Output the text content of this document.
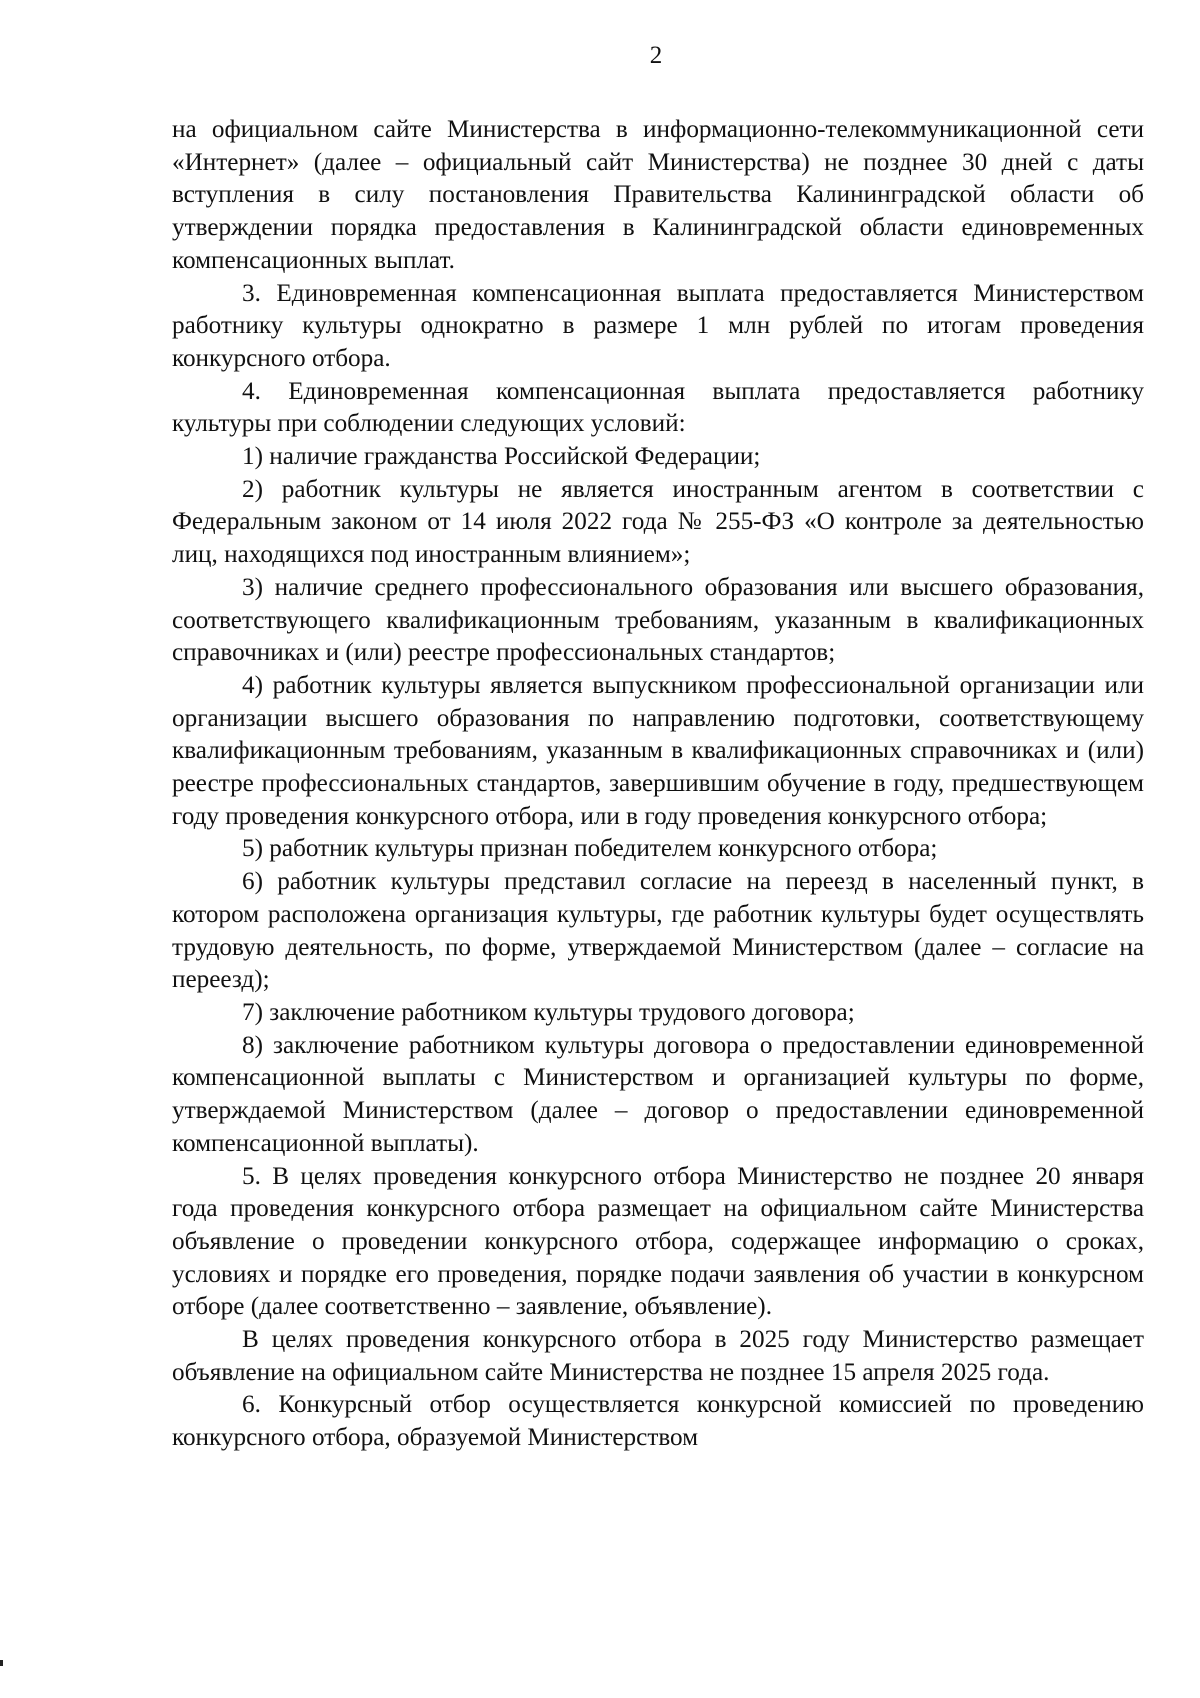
2

на официальном сайте Министерства в информационно-телекоммуникационной сети «Интернет» (далее – официальный сайт Министерства) не позднее 30 дней с даты вступления в силу постановления Правительства Калининградской области об утверждении порядка предоставления в Калининградской области единовременных компенсационных выплат.

3. Единовременная компенсационная выплата предоставляется Министерством работнику культуры однократно в размере 1 млн рублей по итогам проведения конкурсного отбора.

4. Единовременная компенсационная выплата предоставляется работнику культуры при соблюдении следующих условий:

1) наличие гражданства Российской Федерации;

2) работник культуры не является иностранным агентом в соответствии с Федеральным законом от 14 июля 2022 года № 255-ФЗ «О контроле за деятельностью лиц, находящихся под иностранным влиянием»;

3) наличие среднего профессионального образования или высшего образования, соответствующего квалификационным требованиям, указанным в квалификационных справочниках и (или) реестре профессиональных стандартов;

4) работник культуры является выпускником профессиональной организации или организации высшего образования по направлению подготовки, соответствующему квалификационным требованиям, указанным в квалификационных справочниках и (или) реестре профессиональных стандартов, завершившим обучение в году, предшествующем году проведения конкурсного отбора, или в году проведения конкурсного отбора;

5) работник культуры признан победителем конкурсного отбора;

6) работник культуры представил согласие на переезд в населенный пункт, в котором расположена организация культуры, где работник культуры будет осуществлять трудовую деятельность, по форме, утверждаемой Министерством (далее – согласие на переезд);

7) заключение работником культуры трудового договора;

8) заключение работником культуры договора о предоставлении единовременной компенсационной выплаты с Министерством и организацией культуры по форме, утверждаемой Министерством (далее – договор о предоставлении единовременной компенсационной выплаты).

5. В целях проведения конкурсного отбора Министерство не позднее 20 января года проведения конкурсного отбора размещает на официальном сайте Министерства объявление о проведении конкурсного отбора, содержащее информацию о сроках, условиях и порядке его проведения, порядке подачи заявления об участии в конкурсном отборе (далее соответственно – заявление, объявление).

В целях проведения конкурсного отбора в 2025 году Министерство размещает объявление на официальном сайте Министерства не позднее 15 апреля 2025 года.

6. Конкурсный отбор осуществляется конкурсной комиссией по проведению конкурсного отбора, образуемой Министерством
